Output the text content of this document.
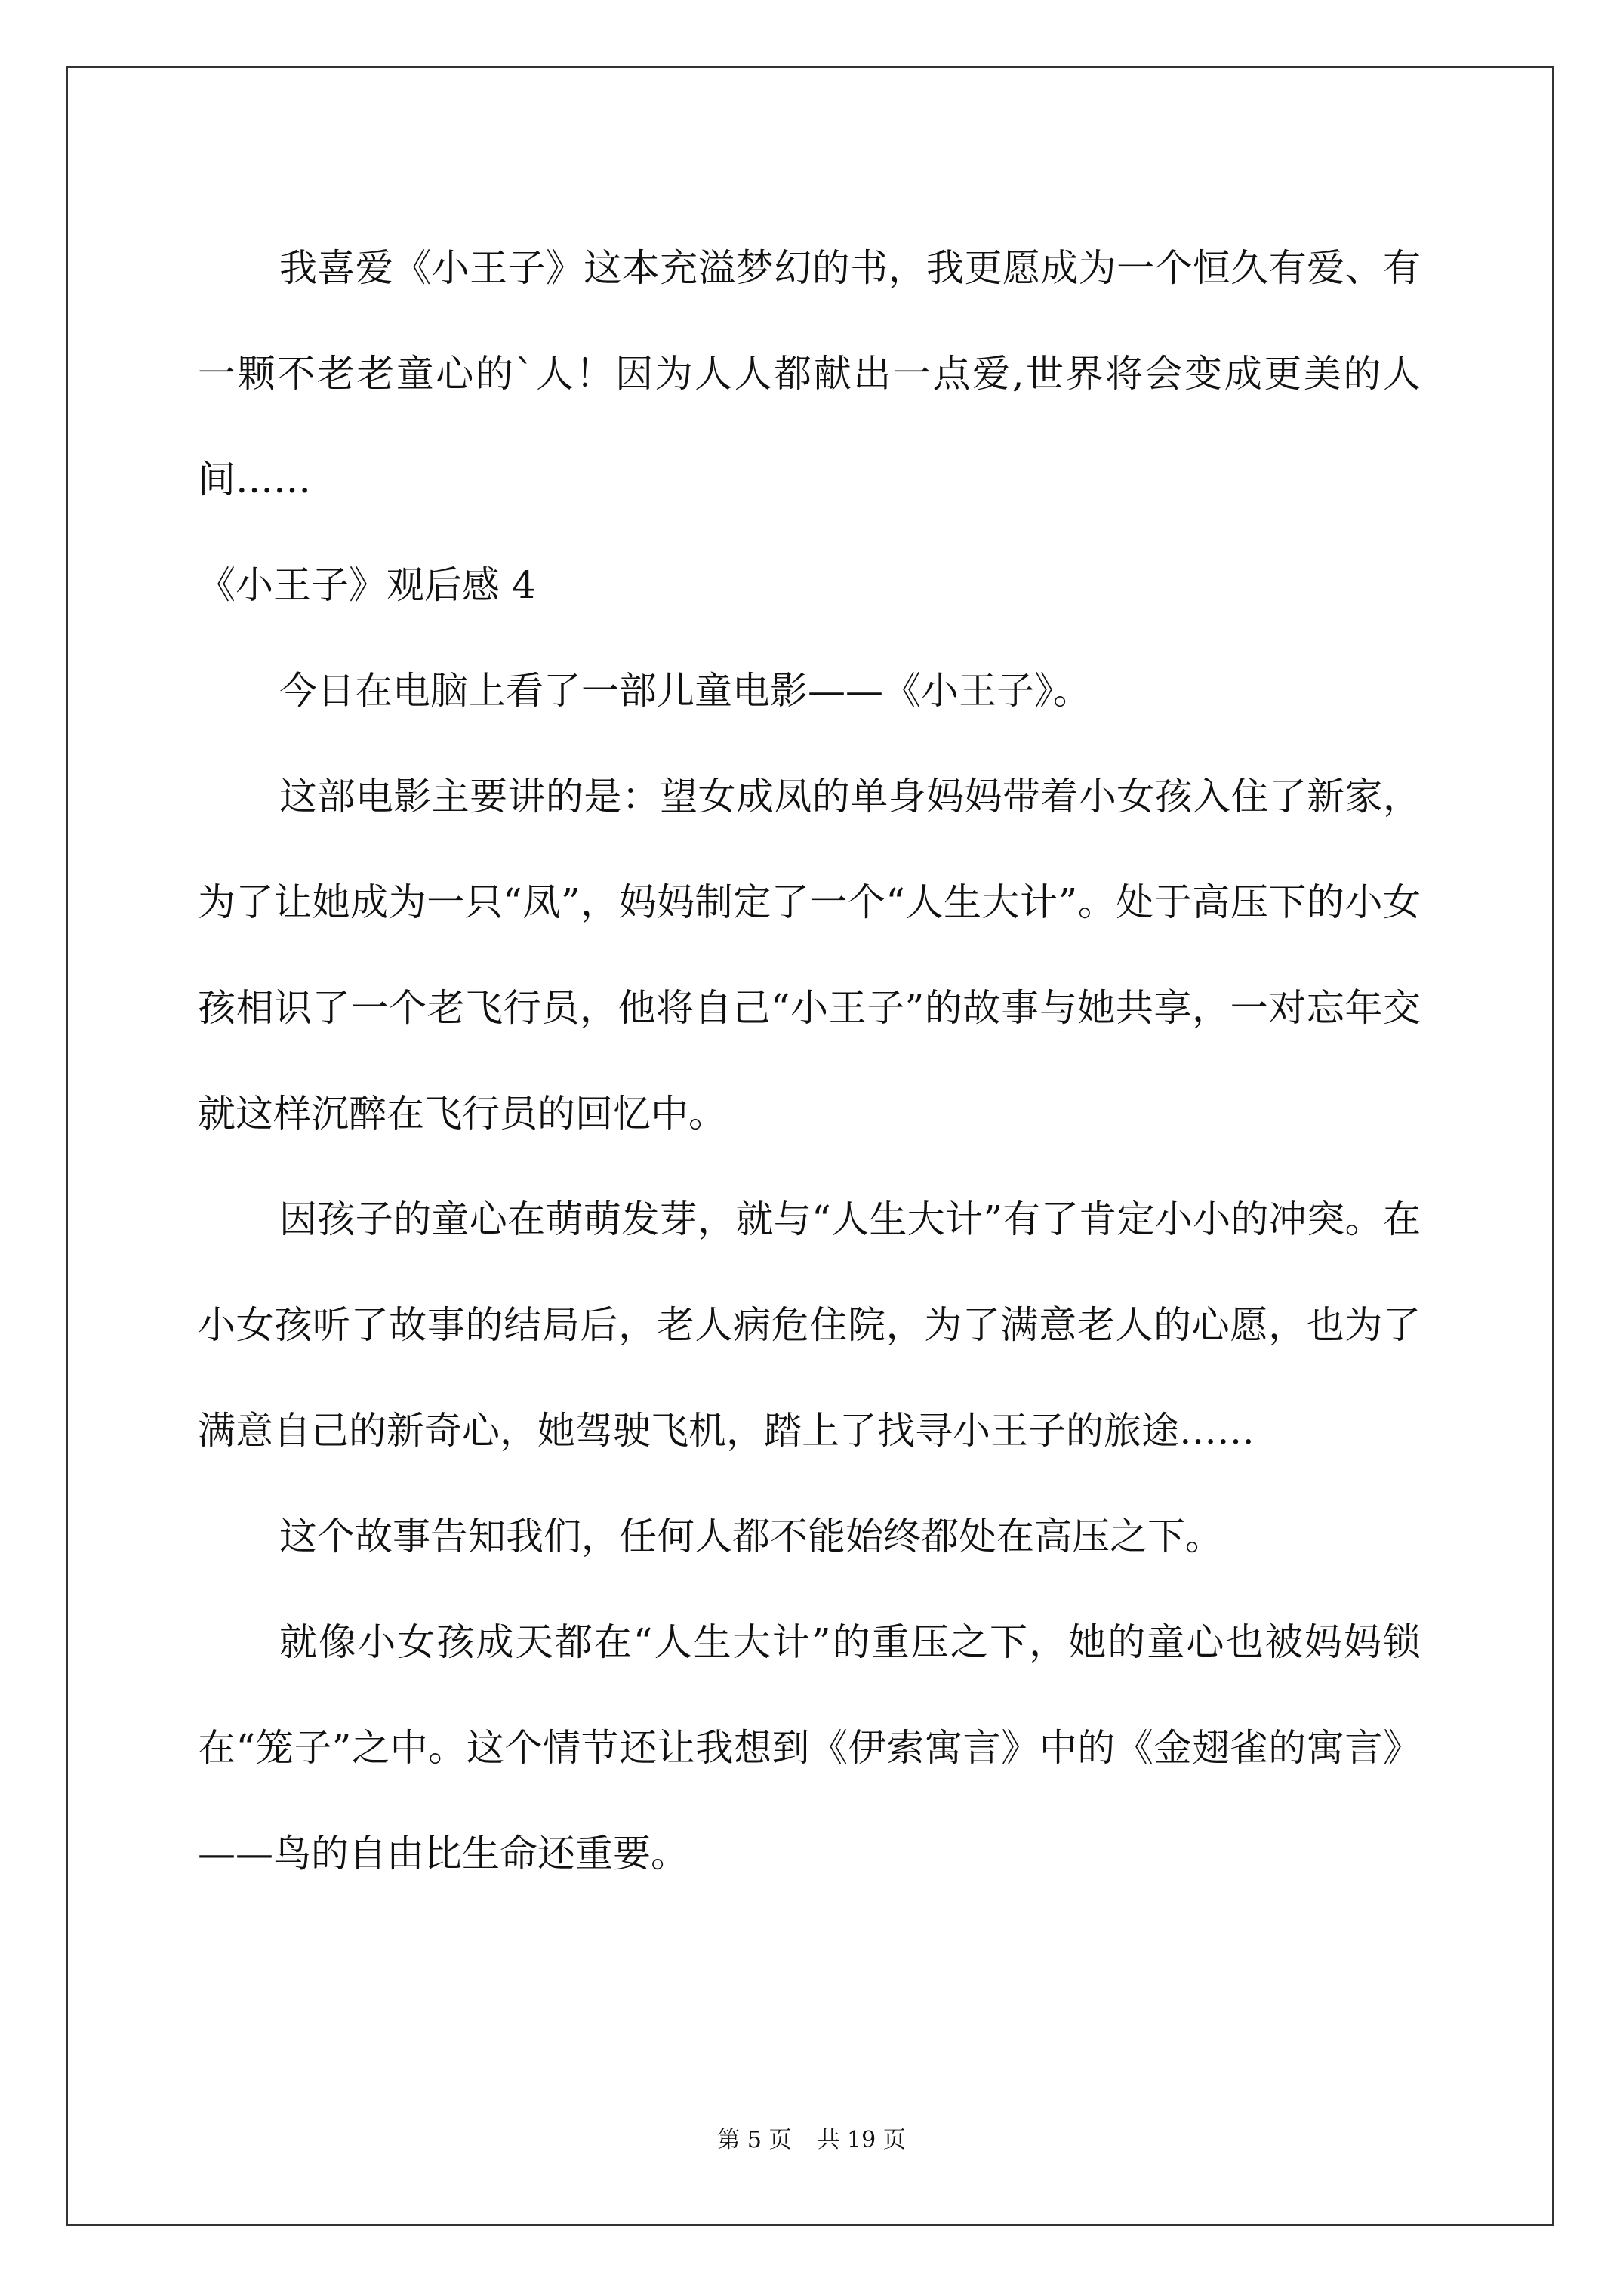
我喜爱《小王子》这本充溢梦幻的书，我更愿成为一个恒久有爱、有一颗不老老童心的`人！因为人人都献出一点爱,世界将会变成更美的人间……

《小王子》观后感 4

今日在电脑上看了一部儿童电影——《小王子》。

这部电影主要讲的是：望女成凤的单身妈妈带着小女孩入住了新家，为了让她成为一只“凤”，妈妈制定了一个“人生大计”。处于高压下的小女孩相识了一个老飞行员，他将自己“小王子”的故事与她共享，一对忘年交就这样沉醉在飞行员的回忆中。

因孩子的童心在萌萌发芽，就与“人生大计”有了肯定小小的冲突。在小女孩听了故事的结局后，老人病危住院，为了满意老人的心愿，也为了满意自己的新奇心，她驾驶飞机，踏上了找寻小王子的旅途……

这个故事告知我们，任何人都不能始终都处在高压之下。

就像小女孩成天都在“人生大计”的重压之下，她的童心也被妈妈锁在“笼子”之中。这个情节还让我想到《伊索寓言》中的《金翅雀的寓言》——鸟的自由比生命还重要。

第 5 页 共 19 页
